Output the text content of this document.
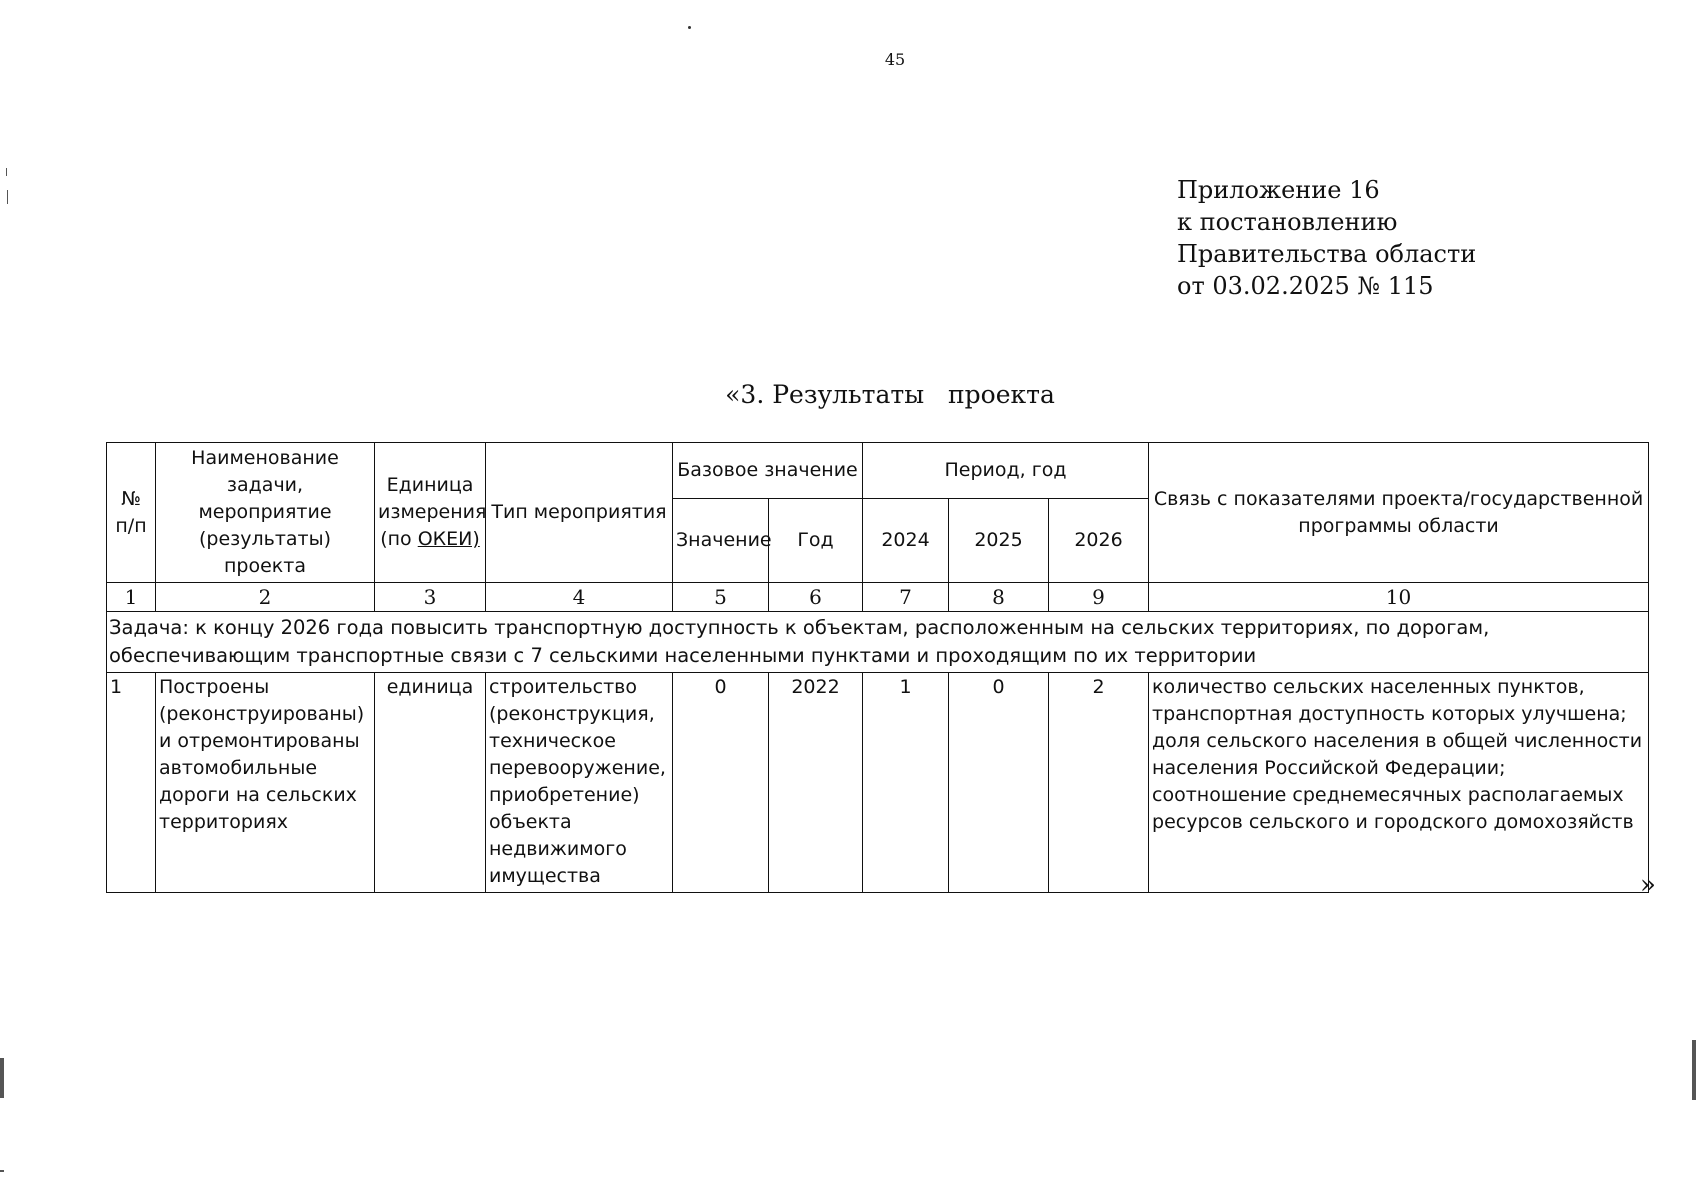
45
Приложение 16
к постановлению
Правительства области
от 03.02.2025 № 115
«3. Результаты   проекта
№ п/п	Наименование задачи, мероприятие (результаты) проекта	Единица измерения (по ОКЕИ)	Тип мероприятия	Базовое значение		Период, год			Связь с показателями проекта/государственной программы области
				Значение	Год	2024	2025	2026	
1	2	3	4	5	6	7	8	9	10
Задача: к концу 2026 года повысить транспортную доступность к объектам, расположенным на сельских территориях, по дорогам, обеспечивающим транспортные связи с 7 сельскими населенными пунктами и проходящим по их территории									
1	Построены (реконструированы) и отремонтированы автомобильные дороги на сельских территориях	единица	строительство (реконструкция, техническое перевооружение, приобретение) объекта недвижимого имущества	0	2022	1	0	2	количество сельских населенных пунктов, транспортная доступность которых улучшена; доля сельского населения в общей численности населения Российской Федерации; соотношение среднемесячных располагаемых ресурсов сельского и городского домохозяйств
»
